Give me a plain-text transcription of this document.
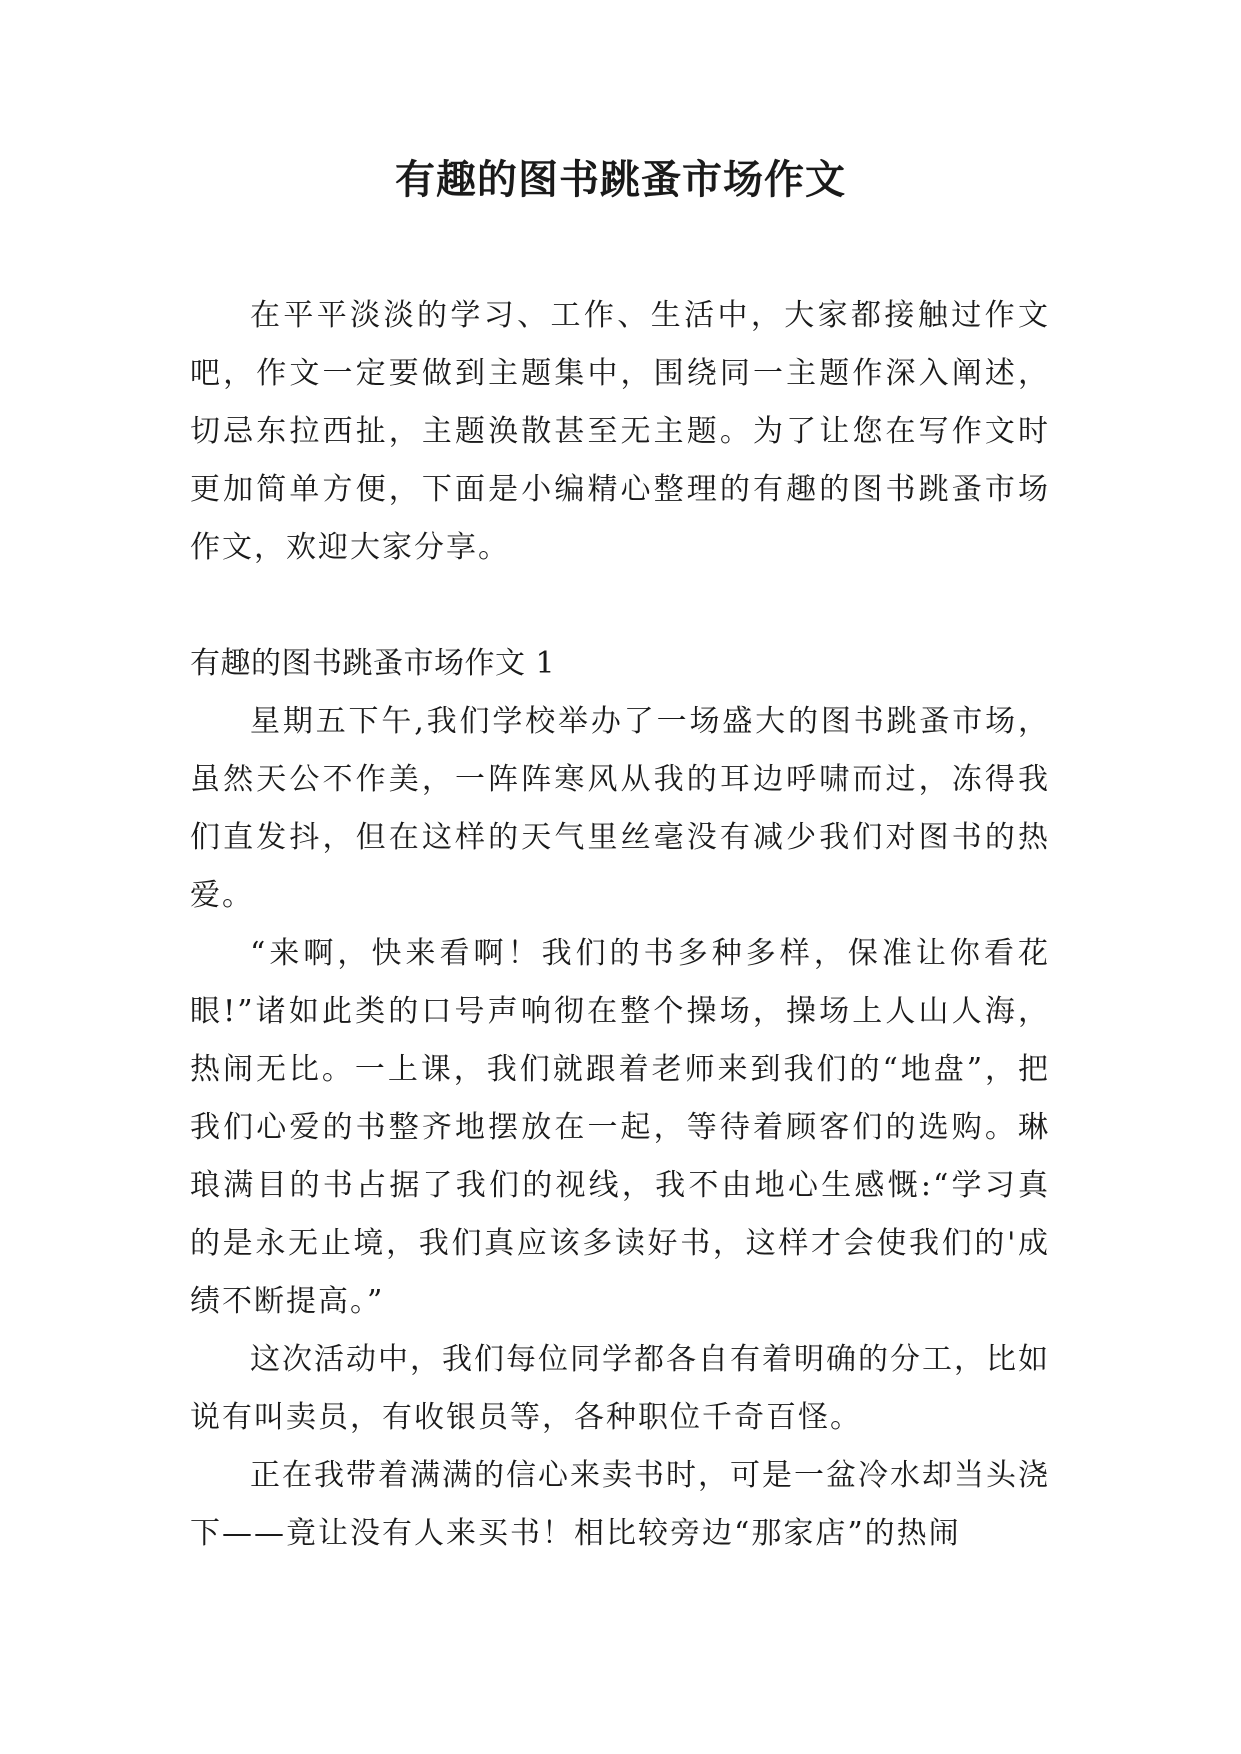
有趣的图书跳蚤市场作文

在平平淡淡的学习、工作、生活中，大家都接触过作文吧，作文一定要做到主题集中，围绕同一主题作深入阐述，切忌东拉西扯，主题涣散甚至无主题。为了让您在写作文时更加简单方便，下面是小编精心整理的有趣的图书跳蚤市场作文，欢迎大家分享。

有趣的图书跳蚤市场作文 1

星期五下午,我们学校举办了一场盛大的图书跳蚤市场，虽然天公不作美，一阵阵寒风从我的耳边呼啸而过，冻得我们直发抖，但在这样的天气里丝毫没有减少我们对图书的热爱。

“来啊，快来看啊！我们的书多种多样，保准让你看花眼!”诸如此类的口号声响彻在整个操场，操场上人山人海，热闹无比。一上课，我们就跟着老师来到我们的“地盘”，把我们心爱的书整齐地摆放在一起，等待着顾客们的选购。琳琅满目的书占据了我们的视线，我不由地心生感慨:“学习真的是永无止境，我们真应该多读好书，这样才会使我们的'成绩不断提高。”

这次活动中，我们每位同学都各自有着明确的分工，比如说有叫卖员，有收银员等，各种职位千奇百怪。

正在我带着满满的信心来卖书时，可是一盆冷水却当头浇下——竟让没有人来买书！相比较旁边“那家店”的热闹
